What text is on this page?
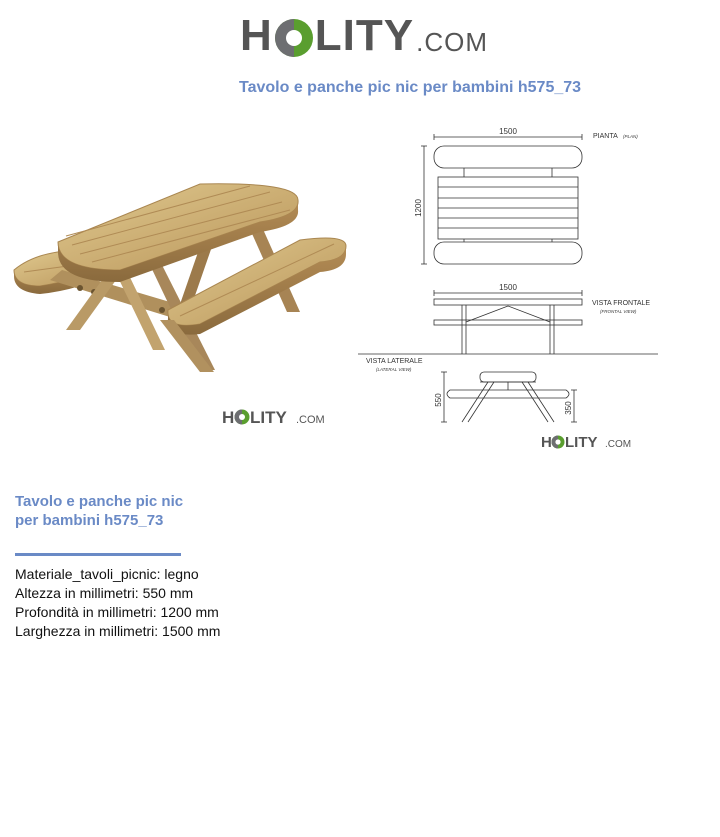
H LITY .COM
Tavolo e panche pic nic per bambini h575_73
H LITY .COM
1500
1200
1500
550
350
PIANTA (PLAN)
VISTA FRONTALE
(FRONTAL VIEW)
VISTA LATERALE
(LATERAL VIEW)
H LITY .COM
Tavolo e panche pic nic per bambini h575_73
Materiale_tavoli_picnic: legno
Altezza in millimetri: 550 mm
Profondità in millimetri: 1200 mm
Larghezza in millimetri: 1500 mm
